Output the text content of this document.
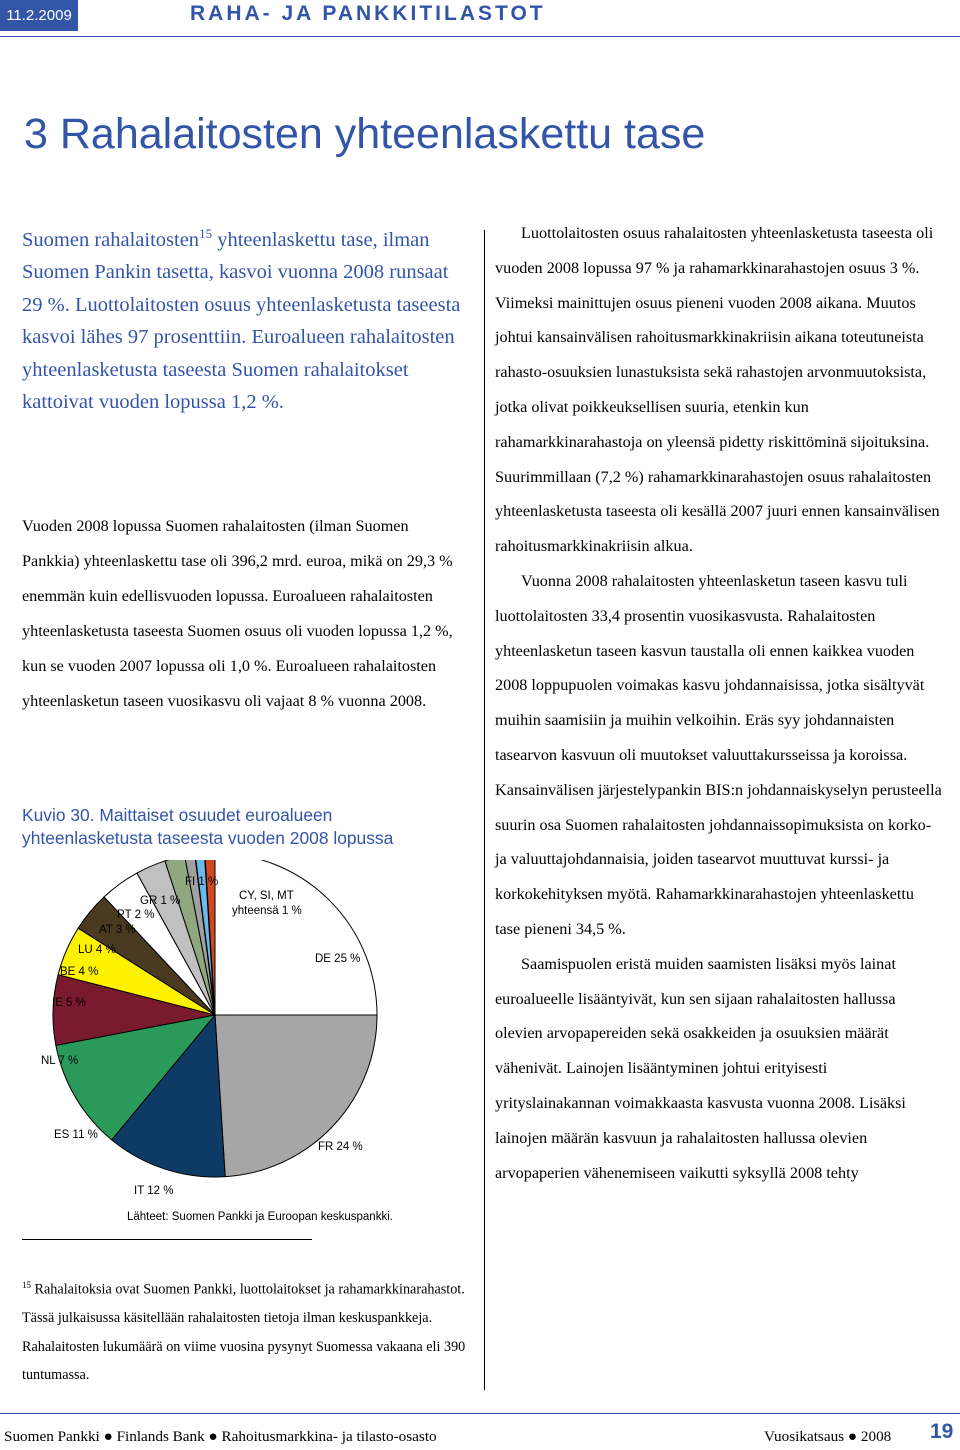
11.2.2009	RAHA- JA PANKKITILASTOT
3 Rahalaitosten yhteenlaskettu tase

Suomen rahalaitosten$^{15}$ yhteenlaskettu tase, ilman Suomen Pankin tasetta, kasvoi vuonna 2008 runsaat 29 %. Luottolaitosten osuus yhteenlasketusta taseesta kasvoi lähes 97 prosenttiin. Euroalueen rahalaitosten yhteenlasketusta taseesta Suomen rahalaitokset kattoivat vuoden lopussa 1,2 %.

Vuoden 2008 lopussa Suomen rahalaitosten (ilman Suomen Pankkia) yhteenlaskettu tase oli 396,2 mrd. euroa, mikä on 29,3 % enemmän kuin edellisvuoden lopussa. Euroalueen rahalaitosten yhteenlasketusta taseesta Suomen osuus oli vuoden lopussa 1,2 %, kun se vuoden 2007 lopussa oli 1,0 %. Euroalueen rahalaitosten yhteenlasketun taseen vuosikasvu oli vajaat 8 % vuonna 2008.

Kuvio 30. Maittaiset osuudet euroalueen yhteenlasketusta taseesta vuoden 2008 lopussa

DE 25 %
FR 24 %
IT 12 %
ES 11 %
NL 7 %
IE 5 %
BE 4 %
LU 4 %
AT 3 %
PT 2 %
GR 1 %
FI 1 %
CY, SI, MT
yhteensä 1 %
Lähteet: Suomen Pankki ja Euroopan keskuspankki.

$^{15}$ Rahalaitoksia ovat Suomen Pankki, luottolaitokset ja rahamarkkinarahastot. Tässä julkaisussa käsitellään rahalaitosten tietoja ilman keskuspankkeja. Rahalaitosten lukumäärä on viime vuosina pysynyt Suomessa vakaana eli 390 tuntumassa.

Luottolaitosten osuus rahalaitosten yhteenlasketusta taseesta oli vuoden 2008 lopussa 97 % ja rahamarkkinarahastojen osuus 3 %. Viimeksi mainittujen osuus pieneni vuoden 2008 aikana. Muutos johtui kansainvälisen rahoitusmarkkinakriisin aikana toteutuneista rahasto-osuuksien lunastuksista sekä rahastojen arvonmuutoksista, jotka olivat poikkeuksellisen suuria, etenkin kun rahamarkkinarahastoja on yleensä pidetty riskittöminä sijoituksina. Suurimmillaan (7,2 %) rahamarkkinarahastojen osuus rahalaitosten yhteenlasketusta taseesta oli kesällä 2007 juuri ennen kansainvälisen rahoitusmarkkinakriisin alkua.

Vuonna 2008 rahalaitosten yhteenlasketun taseen kasvu tuli luottolaitosten 33,4 prosentin vuosikasvusta. Rahalaitosten yhteenlasketun taseen kasvun taustalla oli ennen kaikkea vuoden 2008 loppupuolen voimakas kasvu johdannaisissa, jotka sisältyvät muihin saamisiin ja muihin velkoihin. Eräs syy johdannaisten tasearvon kasvuun oli muutokset valuuttakursseissa ja koroissa. Kansainvälisen järjestelypankin BIS:n johdannaiskyselyn perusteella suurin osa Suomen rahalaitosten johdannaissopimuksista on korko- ja valuuttajohdannaisia, joiden tasearvot muuttuvat kurssi- ja korkokehityksen myötä. Rahamarkkinarahastojen yhteenlaskettu tase pieneni 34,5 %.

Saamispuolen eristä muiden saamisten lisäksi myös lainat euroalueelle lisääntyivät, kun sen sijaan rahalaitosten hallussa olevien arvopapereiden sekä osakkeiden ja osuuksien määrät vähenivät. Lainojen lisääntyminen johtui erityisesti yrityslainakannan voimakkaasta kasvusta vuonna 2008. Lisäksi lainojen määrän kasvuun ja rahalaitosten hallussa olevien arvopaperien vähenemiseen vaikutti syksyllä 2008 tehty

Suomen Pankki ● Finlands Bank ● Rahoitusmarkkina- ja tilasto-osasto	Vuosikatsaus ● 2008 19
